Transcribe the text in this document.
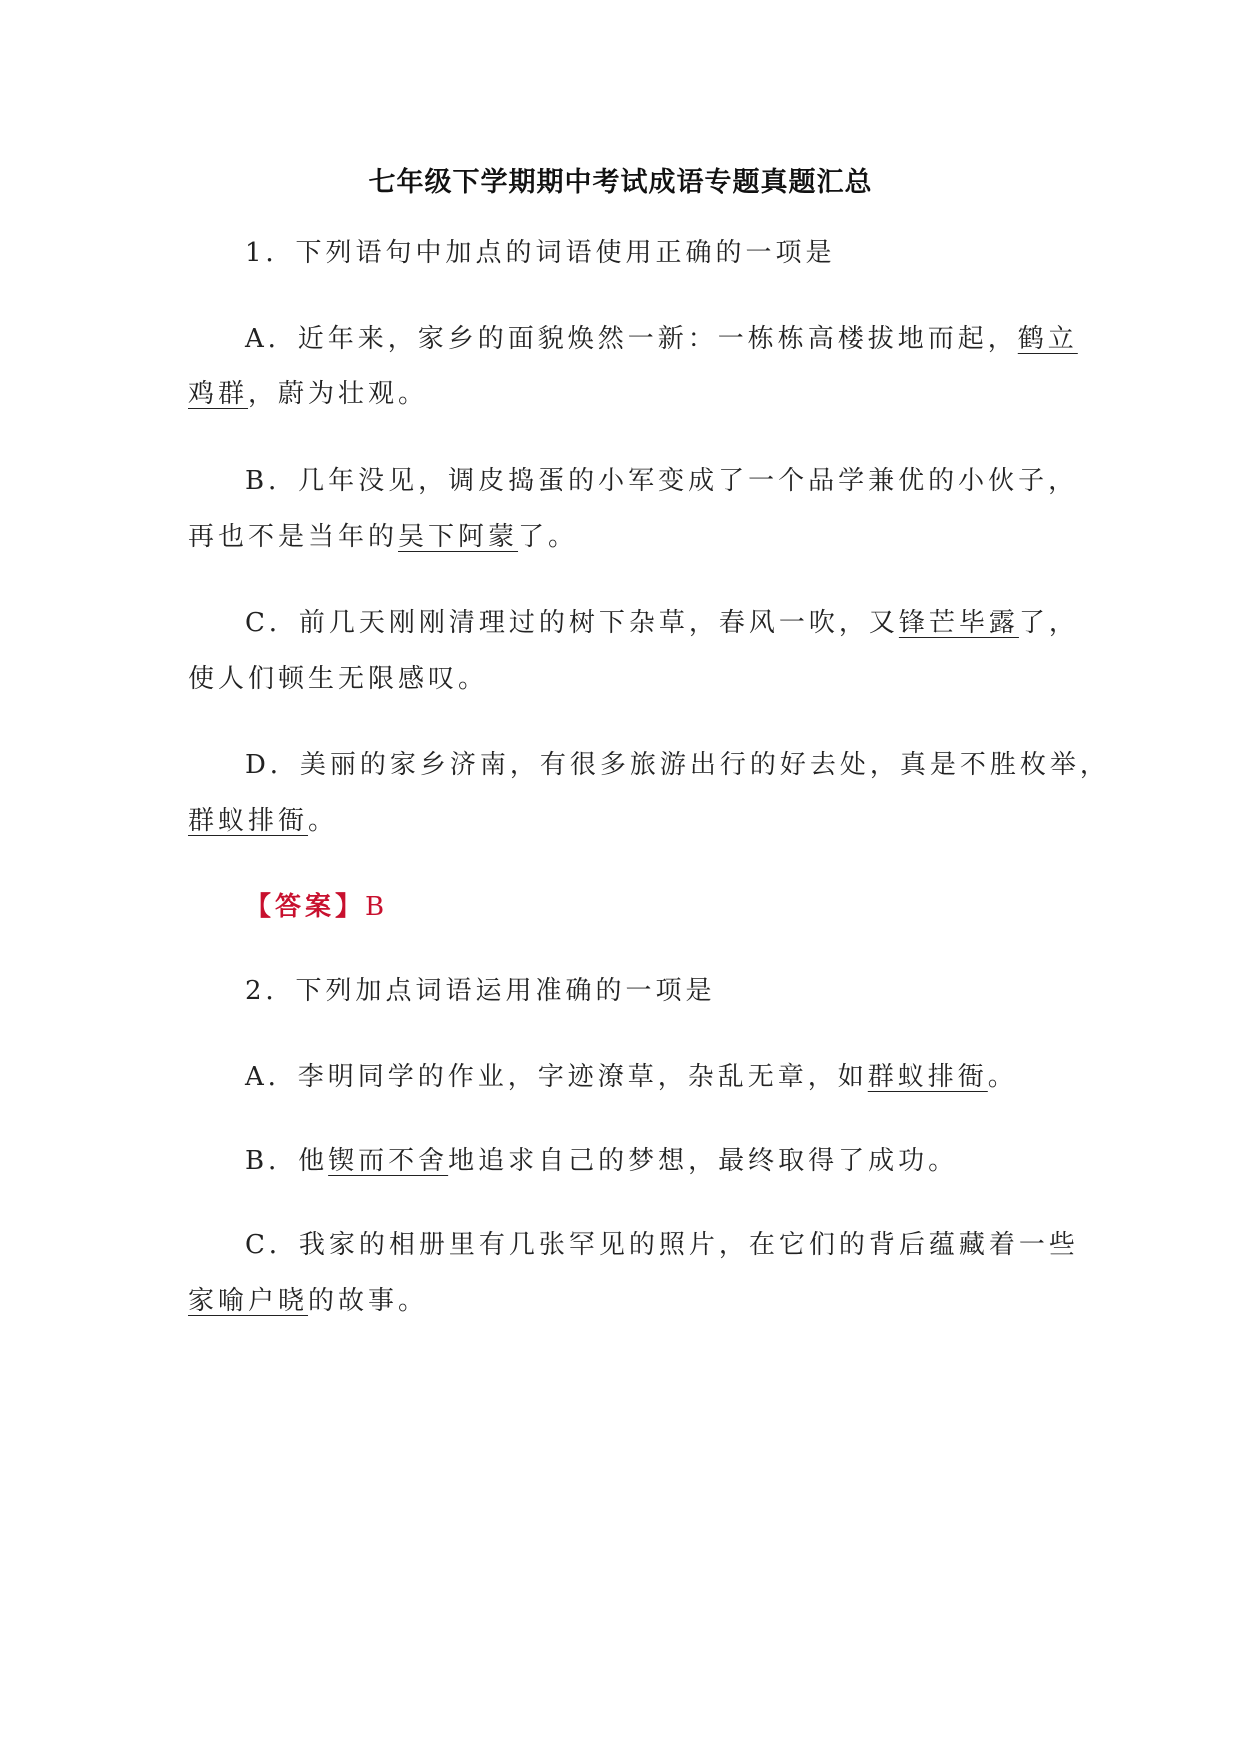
七年级下学期期中考试成语专题真题汇总
1．下列语句中加点的词语使用正确的一项是
A．近年来，家乡的面貌焕然一新：一栋栋高楼拔地而起，鹤立
鸡群，蔚为壮观。
B．几年没见，调皮捣蛋的小军变成了一个品学兼优的小伙子，
再也不是当年的吴下阿蒙了。
C．前几天刚刚清理过的树下杂草，春风一吹，又锋芒毕露了，
使人们顿生无限感叹。
D．美丽的家乡济南，有很多旅游出行的好去处，真是不胜枚举，
群蚁排衙。
【答案】B
2．下列加点词语运用准确的一项是
A．李明同学的作业，字迹潦草，杂乱无章，如群蚁排衙。
B．他锲而不舍地追求自己的梦想，最终取得了成功。
C．我家的相册里有几张罕见的照片，在它们的背后蕴藏着一些
家喻户晓的故事。
